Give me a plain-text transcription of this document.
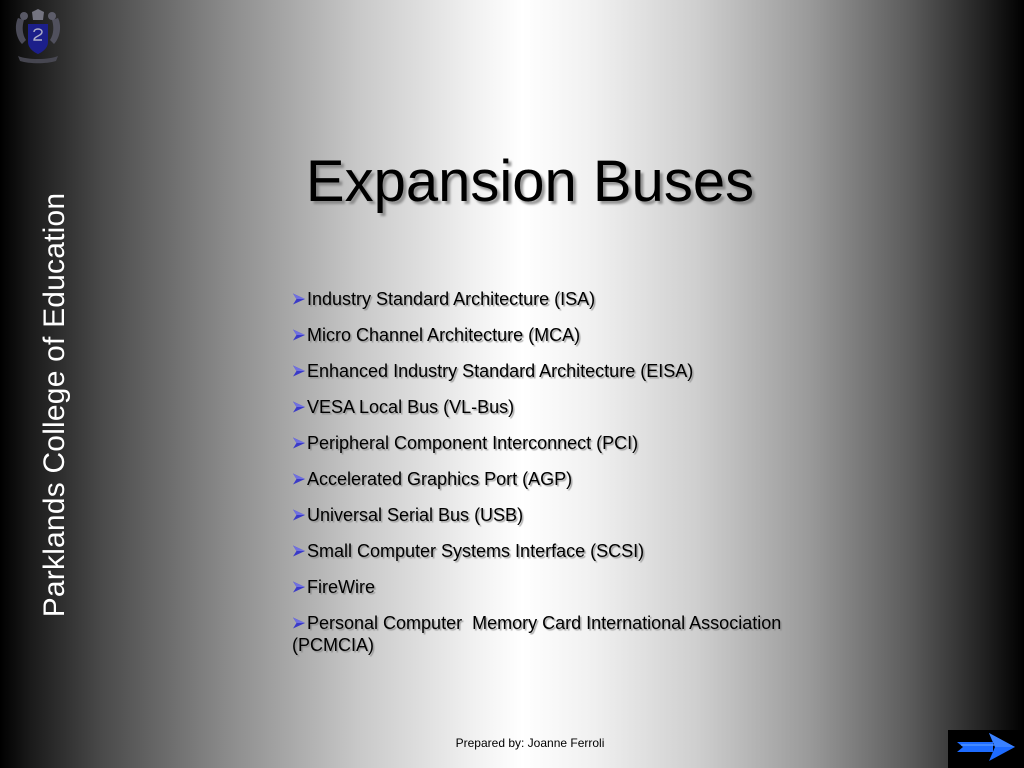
Parklands College of Education
Expansion Buses
Industry Standard Architecture (ISA)
Micro Channel Architecture (MCA)
Enhanced Industry Standard Architecture (EISA)
VESA Local Bus (VL-Bus)
Peripheral Component Interconnect (PCI)
Accelerated Graphics Port (AGP)
Universal Serial Bus (USB)
Small Computer Systems Interface (SCSI)
FireWire
Personal Computer  Memory Card International Association (PCMCIA)
Prepared by: Joanne Ferroli
